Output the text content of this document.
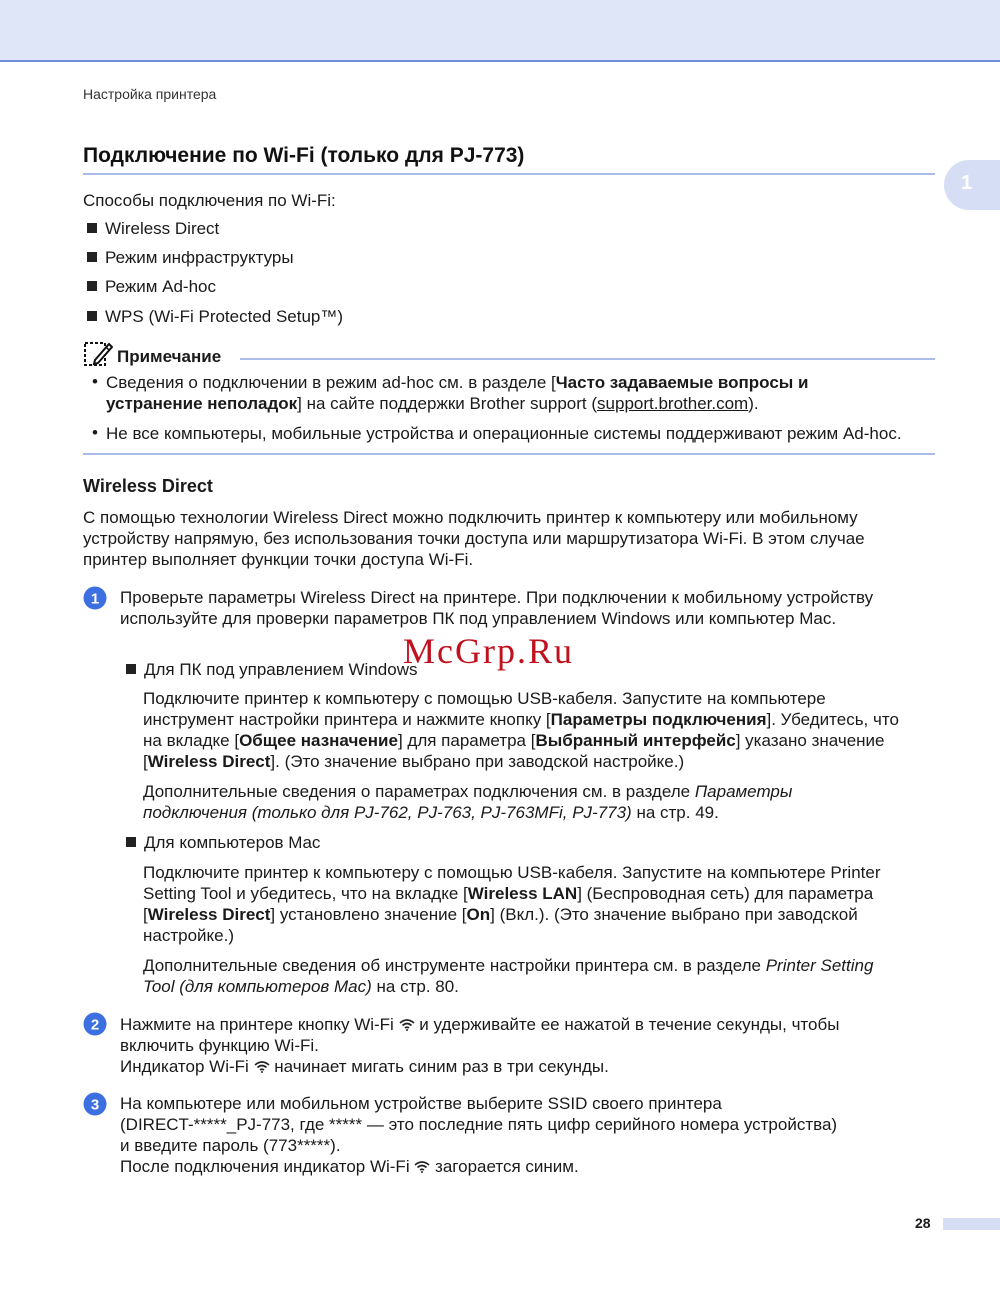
Настройка принтера
Подключение по Wi-Fi (только для PJ-773)
1
Способы подключения по Wi-Fi:
Wireless Direct
Режим инфраструктуры
Режим Ad-hoc
WPS (Wi-Fi Protected Setup™)
Примечание
• Сведения о подключении в режим ad-hoc см. в разделе [Часто задаваемые вопросы и
устранение неполадок] на сайте поддержки Brother support (support.brother.com).
• Не все компьютеры, мобильные устройства и операционные системы поддерживают режим Ad-hoc.
Wireless Direct
С помощью технологии Wireless Direct можно подключить принтер к компьютеру или мобильному
устройству напрямую, без использования точки доступа или маршрутизатора Wi-Fi. В этом случае
принтер выполняет функции точки доступа Wi-Fi.
1 Проверьте параметры Wireless Direct на принтере. При подключении к мобильному устройству
используйте для проверки параметров ПК под управлением Windows или компьютер Mac.
Для ПК под управлением Windows
Подключите принтер к компьютеру с помощью USB-кабеля. Запустите на компьютере
инструмент настройки принтера и нажмите кнопку [Параметры подключения]. Убедитесь, что
на вкладке [Общее назначение] для параметра [Выбранный интерфейс] указано значение
[Wireless Direct]. (Это значение выбрано при заводской настройке.)
Дополнительные сведения о параметрах подключения см. в разделе Параметры
подключения (только для PJ-762, PJ-763, PJ-763MFi, PJ-773) на стр. 49.
Для компьютеров Mac
Подключите принтер к компьютеру с помощью USB-кабеля. Запустите на компьютере Printer
Setting Tool и убедитесь, что на вкладке [Wireless LAN] (Беспроводная сеть) для параметра
[Wireless Direct] установлено значение [On] (Вкл.). (Это значение выбрано при заводской
настройке.)
Дополнительные сведения об инструменте настройки принтера см. в разделе Printer Setting
Tool (для компьютеров Mac) на стр. 80.
2 Нажмите на принтере кнопку Wi-Fi  и удерживайте ее нажатой в течение секунды, чтобы
включить функцию Wi-Fi.
Индикатор Wi-Fi  начинает мигать синим раз в три секунды.
3 На компьютере или мобильном устройстве выберите SSID своего принтера
(DIRECT-*****_PJ-773, где ***** — это последние пять цифр серийного номера устройства)
и введите пароль (773*****).
После подключения индикатор Wi-Fi  загорается синим.
McGrp.Ru
28
